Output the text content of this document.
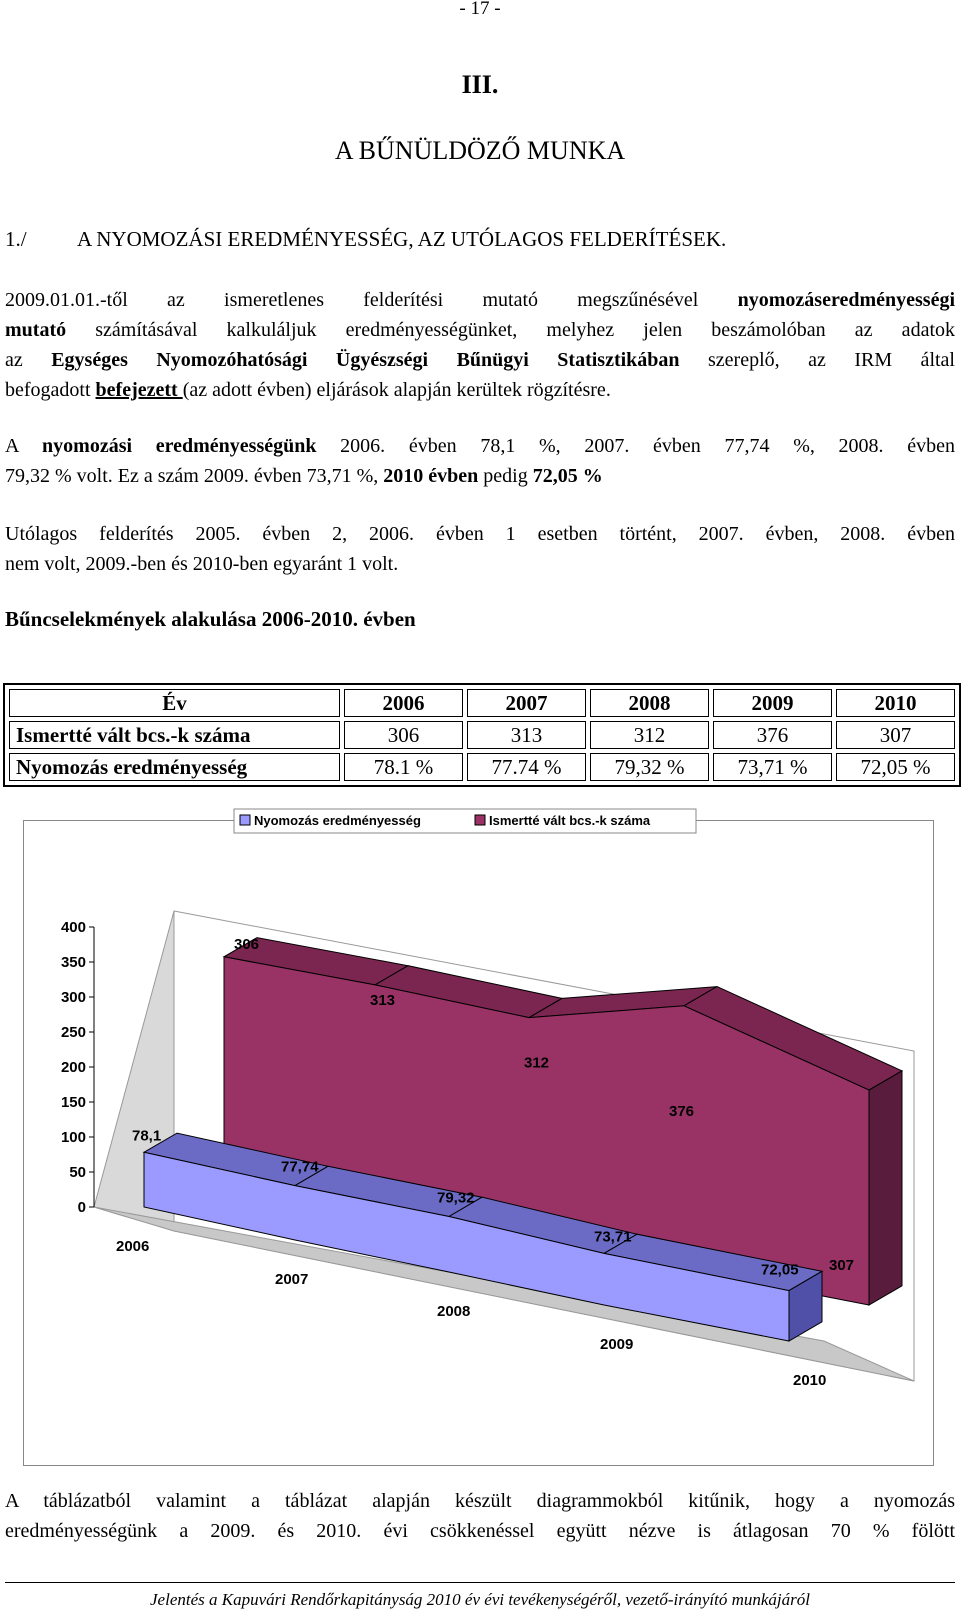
- 17 -
III.
A BŰNÜLDÖZŐ MUNKA
1./ A NYOMOZÁSI EREDMÉNYESSÉG, AZ UTÓLAGOS FELDERÍTÉSEK.
2009.01.01.-től az ismeretlenes felderítési mutató megszűnésével nyomozáseredményességi
mutató számításával kalkuláljuk eredményességünket, melyhez jelen beszámolóban az adatok
az Egységes Nyomozóhatósági Ügyészségi Bűnügyi Statisztikában szereplő, az IRM által
befogadott befejezett (az adott évben) eljárások alapján kerültek rögzítésre.
A nyomozási eredményességünk 2006. évben 78,1 %, 2007. évben 77,74 %, 2008. évben
79,32 % volt. Ez a szám 2009. évben 73,71 %, 2010 évben pedig 72,05 %
Utólagos felderítés 2005. évben 2, 2006. évben 1 esetben történt, 2007. évben, 2008. évben
nem volt, 2009.-ben és 2010-ben egyaránt 1 volt.
Bűncselekmények alakulása 2006-2010. évben
Év	2006	2007	2008	2009	2010
Ismertté vált bcs.-k száma	306	313	312	376	307
Nyomozás eredményesség	78.1 %	77.74 %	79,32 %	73,71 %	72,05 %
0
50
100
150
200
250
300
350
400
78,1
77,74
79,32
73,71
72,05
306
313
312
376
307
2006
2007
2008
2009
2010
Nyomozás eredményesség	Ismertté vált bcs.-k száma
A táblázatból valamint a táblázat alapján készült diagrammokból kitűnik, hogy a nyomozás
eredményességünk a 2009. és 2010. évi csökkenéssel együtt nézve is átlagosan 70 % fölött
Jelentés a Kapuvári Rendőrkapitányság 2010 év évi tevékenységéről, vezető-irányító munkájáról
